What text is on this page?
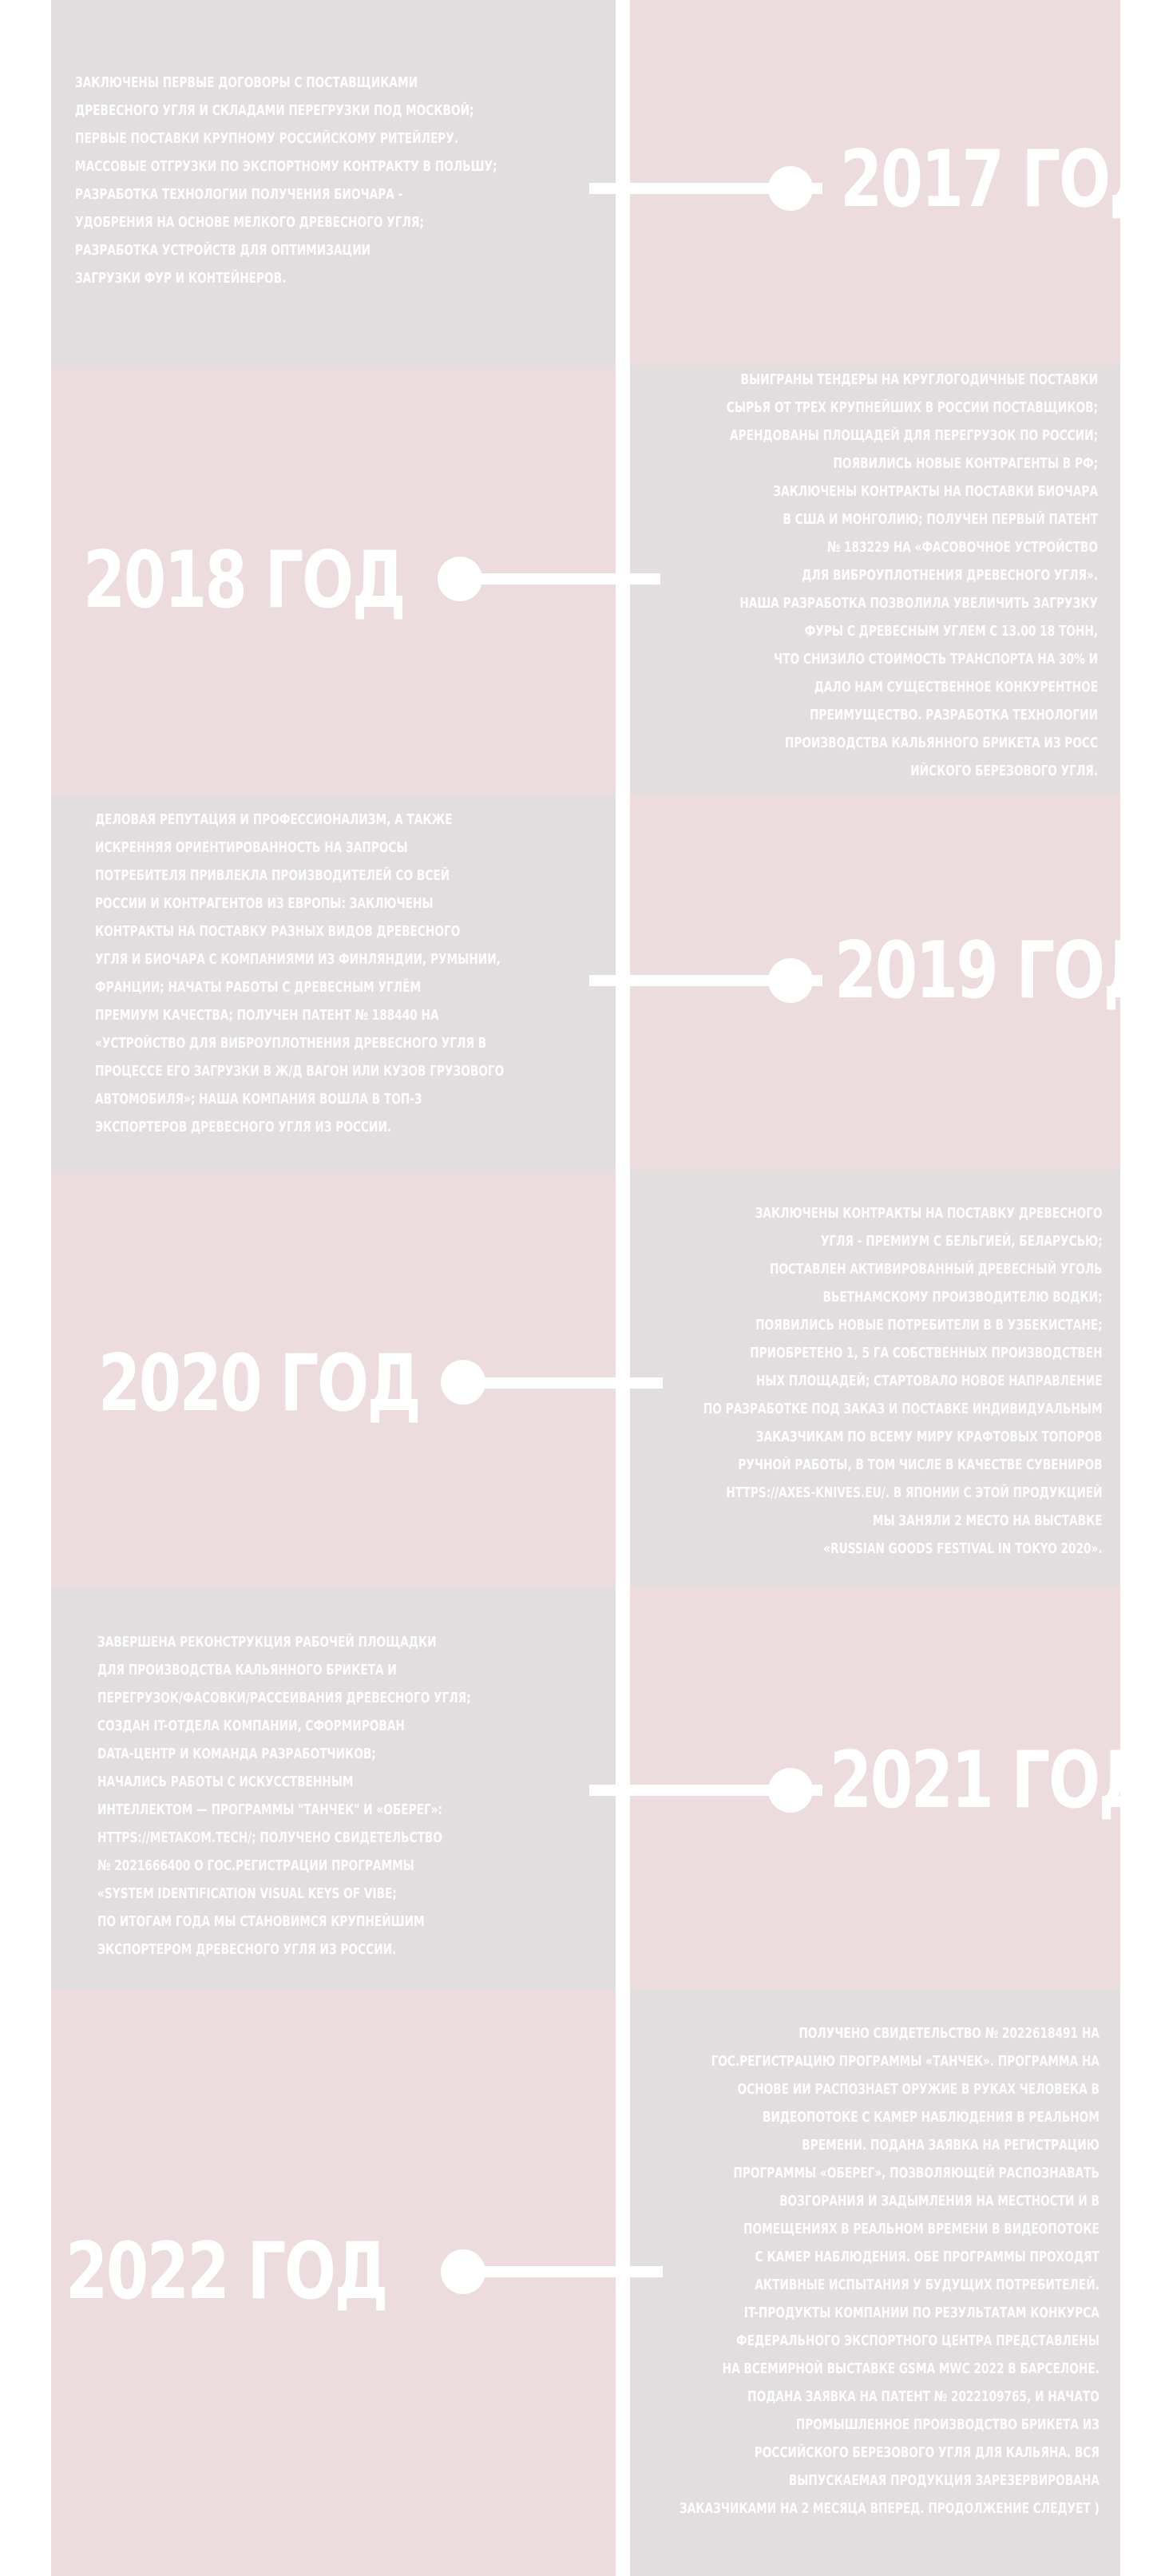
ЗАКЛЮЧЕНЫ ПЕРВЫЕ ДОГОВОРЫ С ПОСТАВЩИКАМИ
ДРЕВЕСНОГО УГЛЯ И СКЛАДАМИ ПЕРЕГРУЗКИ ПОД МОСКВОЙ;
ПЕРВЫЕ ПОСТАВКИ КРУПНОМУ РОССИЙСКОМУ РИТЕЙЛЕРУ.
МАССОВЫЕ ОТГРУЗКИ ПО ЭКСПОРТНОМУ КОНТРАКТУ В ПОЛЬШУ;
РАЗРАБОТКА ТЕХНОЛОГИИ ПОЛУЧЕНИЯ БИОЧАРА -
УДОБРЕНИЯ НА ОСНОВЕ МЕЛКОГО ДРЕВЕСНОГО УГЛЯ;
РАЗРАБОТКА УСТРОЙСТВ ДЛЯ ОПТИМИЗАЦИИ
ЗАГРУЗКИ ФУР И КОНТЕЙНЕРОВ.
2017 ГОД
2018 ГОД
ВЫИГРАНЫ ТЕНДЕРЫ НА КРУГЛОГОДИЧНЫЕ ПОСТАВКИ
СЫРЬЯ ОТ ТРЕХ КРУПНЕЙШИХ В РОССИИ ПОСТАВЩИКОВ;
АРЕНДОВАНЫ ПЛОЩАДЕЙ ДЛЯ ПЕРЕГРУЗОК ПО РОССИИ;
ПОЯВИЛИСЬ НОВЫЕ КОНТРАГЕНТЫ В РФ;
ЗАКЛЮЧЕНЫ КОНТРАКТЫ НА ПОСТАВКИ БИОЧАРА
В США И МОНГОЛИЮ; ПОЛУЧЕН ПЕРВЫЙ ПАТЕНТ
№ 183229 НА «ФАСОВОЧНОЕ УСТРОЙСТВО
ДЛЯ ВИБРОУПЛОТНЕНИЯ ДРЕВЕСНОГО УГЛЯ».
НАША РАЗРАБОТКА ПОЗВОЛИЛА УВЕЛИЧИТЬ ЗАГРУЗКУ
ФУРЫ С ДРЕВЕСНЫМ УГЛЕМ С 13.00 18 ТОНН,
ЧТО СНИЗИЛО СТОИМОСТЬ ТРАНСПОРТА НА 30% И
ДАЛО НАМ СУЩЕСТВЕННОЕ КОНКУРЕНТНОЕ
ПРЕИМУЩЕСТВО. РАЗРАБОТКА ТЕХНОЛОГИИ
ПРОИЗВОДСТВА КАЛЬЯННОГО БРИКЕТА ИЗ РОСС
ИЙСКОГО БЕРЕЗОВОГО УГЛЯ.
ДЕЛОВАЯ РЕПУТАЦИЯ И ПРОФЕССИОНАЛИЗМ, А ТАКЖЕ
ИСКРЕННЯЯ ОРИЕНТИРОВАННОСТЬ НА ЗАПРОСЫ
ПОТРЕБИТЕЛЯ ПРИВЛЕКЛА ПРОИЗВОДИТЕЛЕЙ СО ВСЕЙ
РОССИИ И КОНТРАГЕНТОВ ИЗ ЕВРОПЫ: ЗАКЛЮЧЕНЫ
КОНТРАКТЫ НА ПОСТАВКУ РАЗНЫХ ВИДОВ ДРЕВЕСНОГО
УГЛЯ И БИОЧАРА С КОМПАНИЯМИ ИЗ ФИНЛЯНДИИ, РУМЫНИИ,
ФРАНЦИИ; НАЧАТЫ РАБОТЫ С ДРЕВЕСНЫМ УГЛЁМ
ПРЕМИУМ КАЧЕСТВА; ПОЛУЧЕН ПАТЕНТ № 188440 НА
«УСТРОЙСТВО ДЛЯ ВИБРОУПЛОТНЕНИЯ ДРЕВЕСНОГО УГЛЯ В
ПРОЦЕССЕ ЕГО ЗАГРУЗКИ В Ж/Д ВАГОН ИЛИ КУЗОВ ГРУЗОВОГО
АВТОМОБИЛЯ»; НАША КОМПАНИЯ ВОШЛА В ТОП-3
ЭКСПОРТЕРОВ ДРЕВЕСНОГО УГЛЯ ИЗ РОССИИ.
2019 ГОД
2020 ГОД
ЗАКЛЮЧЕНЫ КОНТРАКТЫ НА ПОСТАВКУ ДРЕВЕСНОГО
УГЛЯ - ПРЕМИУМ С БЕЛЬГИЕЙ, БЕЛАРУСЬЮ;
ПОСТАВЛЕН АКТИВИРОВАННЫЙ ДРЕВЕСНЫЙ УГОЛЬ
ВЬЕТНАМСКОМУ ПРОИЗВОДИТЕЛЮ ВОДКИ;
ПОЯВИЛИСЬ НОВЫЕ ПОТРЕБИТЕЛИ В В УЗБЕКИСТАНЕ;
ПРИОБРЕТЕНО 1, 5 ГА СОБСТВЕННЫХ ПРОИЗВОДСТВЕН
НЫХ ПЛОЩАДЕЙ; СТАРТОВАЛО НОВОЕ НАПРАВЛЕНИЕ
ПО РАЗРАБОТКЕ ПОД ЗАКАЗ И ПОСТАВКЕ ИНДИВИДУАЛЬНЫМ
ЗАКАЗЧИКАМ ПО ВСЕМУ МИРУ КРАФТОВЫХ ТОПОРОВ
РУЧНОЙ РАБОТЫ, В ТОМ ЧИСЛЕ В КАЧЕСТВЕ СУВЕНИРОВ
HTTPS://AXES-KNIVES.EU/. В ЯПОНИИ С ЭТОЙ ПРОДУКЦИЕЙ
МЫ ЗАНЯЛИ 2 МЕСТО НА ВЫСТАВКЕ
«RUSSIAN GOODS FESTIVAL IN TOKYO 2020».
ЗАВЕРШЕНА РЕКОНСТРУКЦИЯ РАБОЧЕЙ ПЛОЩАДКИ
ДЛЯ ПРОИЗВОДСТВА КАЛЬЯННОГО БРИКЕТА И
ПЕРЕГРУЗОК/ФАСОВКИ/РАССЕИВАНИЯ ДРЕВЕСНОГО УГЛЯ;
СОЗДАН IT-ОТДЕЛА КОМПАНИИ, СФОРМИРОВАН
DATA-ЦЕНТР И КОМАНДА РАЗРАБОТЧИКОВ;
НАЧАЛИСЬ РАБОТЫ С ИСКУССТВЕННЫМ
ИНТЕЛЛЕКТОМ — ПРОГРАММЫ "ТАНЧЕК" И «ОБЕРЕГ»:
HTTPS://METAKOM.TECH/; ПОЛУЧЕНО СВИДЕТЕЛЬСТВО
№ 2021666400 О ГОС.РЕГИСТРАЦИИ ПРОГРАММЫ
«SYSTEM IDENTIFICATION VISUAL KEYS OF VIBE;
ПО ИТОГАМ ГОДА МЫ СТАНОВИМСЯ КРУПНЕЙШИМ
ЭКСПОРТЕРОМ ДРЕВЕСНОГО УГЛЯ ИЗ РОССИИ.
2021 ГОД
2022 ГОД
ПОЛУЧЕНО СВИДЕТЕЛЬСТВО № 2022618491 НА
ГОС.РЕГИСТРАЦИЮ ПРОГРАММЫ «ТАНЧЕК». ПРОГРАММА НА
ОСНОВЕ ИИ РАСПОЗНАЕТ ОРУЖИЕ В РУКАХ ЧЕЛОВЕКА В
ВИДЕОПОТОКЕ С КАМЕР НАБЛЮДЕНИЯ В РЕАЛЬНОМ
ВРЕМЕНИ. ПОДАНА ЗАЯВКА НА РЕГИСТРАЦИЮ
ПРОГРАММЫ «ОБЕРЕГ», ПОЗВОЛЯЮЩЕЙ РАСПОЗНАВАТЬ
ВОЗГОРАНИЯ И ЗАДЫМЛЕНИЯ НА МЕСТНОСТИ И В
ПОМЕЩЕНИЯХ В РЕАЛЬНОМ ВРЕМЕНИ В ВИДЕОПОТОКЕ
С КАМЕР НАБЛЮДЕНИЯ. ОБЕ ПРОГРАММЫ ПРОХОДЯТ
АКТИВНЫЕ ИСПЫТАНИЯ У БУДУЩИХ ПОТРЕБИТЕЛЕЙ.
IT-ПРОДУКТЫ КОМПАНИИ ПО РЕЗУЛЬТАТАМ КОНКУРСА
ФЕДЕРАЛЬНОГО ЭКСПОРТНОГО ЦЕНТРА ПРЕДСТАВЛЕНЫ
НА ВСЕМИРНОЙ ВЫСТАВКЕ GSMA MWC 2022 В БАРСЕЛОНЕ.
ПОДАНА ЗАЯВКА НА ПАТЕНТ № 2022109765, И НАЧАТО
ПРОМЫШЛЕННОЕ ПРОИЗВОДСТВО БРИКЕТА ИЗ
РОССИЙСКОГО БЕРЕЗОВОГО УГЛЯ ДЛЯ КАЛЬЯНА. ВСЯ
ВЫПУСКАЕМАЯ ПРОДУКЦИЯ ЗАРЕЗЕРВИРОВАНА
ЗАКАЗЧИКАМИ НА 2 МЕСЯЦА ВПЕРЕД. ПРОДОЛЖЕНИЕ СЛЕДУЕТ )
